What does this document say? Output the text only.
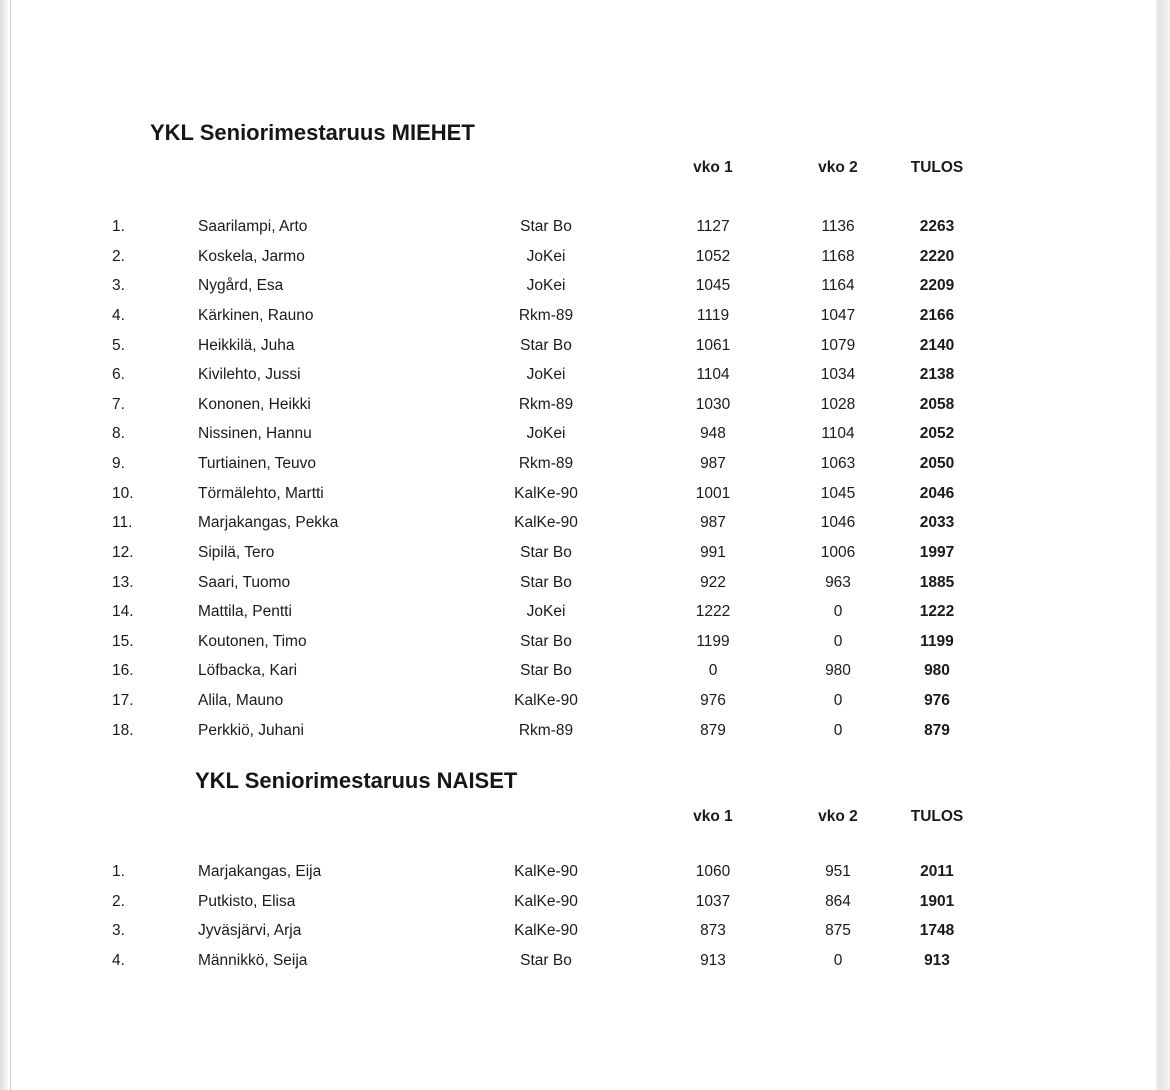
YKL Seniorimestaruus MIEHET
vko 1	vko 2	TULOS
1.	Saarilampi, Arto	Star Bo	1127	1136	2263
2.	Koskela, Jarmo	JoKei	1052	1168	2220
3.	Nygård, Esa	JoKei	1045	1164	2209
4.	Kärkinen, Rauno	Rkm-89	1119	1047	2166
5.	Heikkilä, Juha	Star Bo	1061	1079	2140
6.	Kivilehto, Jussi	JoKei	1104	1034	2138
7.	Kononen, Heikki	Rkm-89	1030	1028	2058
8.	Nissinen, Hannu	JoKei	948	1104	2052
9.	Turtiainen, Teuvo	Rkm-89	987	1063	2050
10.	Törmälehto, Martti	KalKe-90	1001	1045	2046
11.	Marjakangas, Pekka	KalKe-90	987	1046	2033
12.	Sipilä, Tero	Star Bo	991	1006	1997
13.	Saari, Tuomo	Star Bo	922	963	1885
14.	Mattila, Pentti	JoKei	1222	0	1222
15.	Koutonen, Timo	Star Bo	1199	0	1199
16.	Löfbacka, Kari	Star Bo	0	980	980
17.	Alila, Mauno	KalKe-90	976	0	976
18.	Perkkiö, Juhani	Rkm-89	879	0	879
YKL Seniorimestaruus NAISET
vko 1	vko 2	TULOS
1.	Marjakangas, Eija	KalKe-90	1060	951	2011
2.	Putkisto, Elisa	KalKe-90	1037	864	1901
3.	Jyväsjärvi, Arja	KalKe-90	873	875	1748
4.	Männikkö, Seija	Star Bo	913	0	913
